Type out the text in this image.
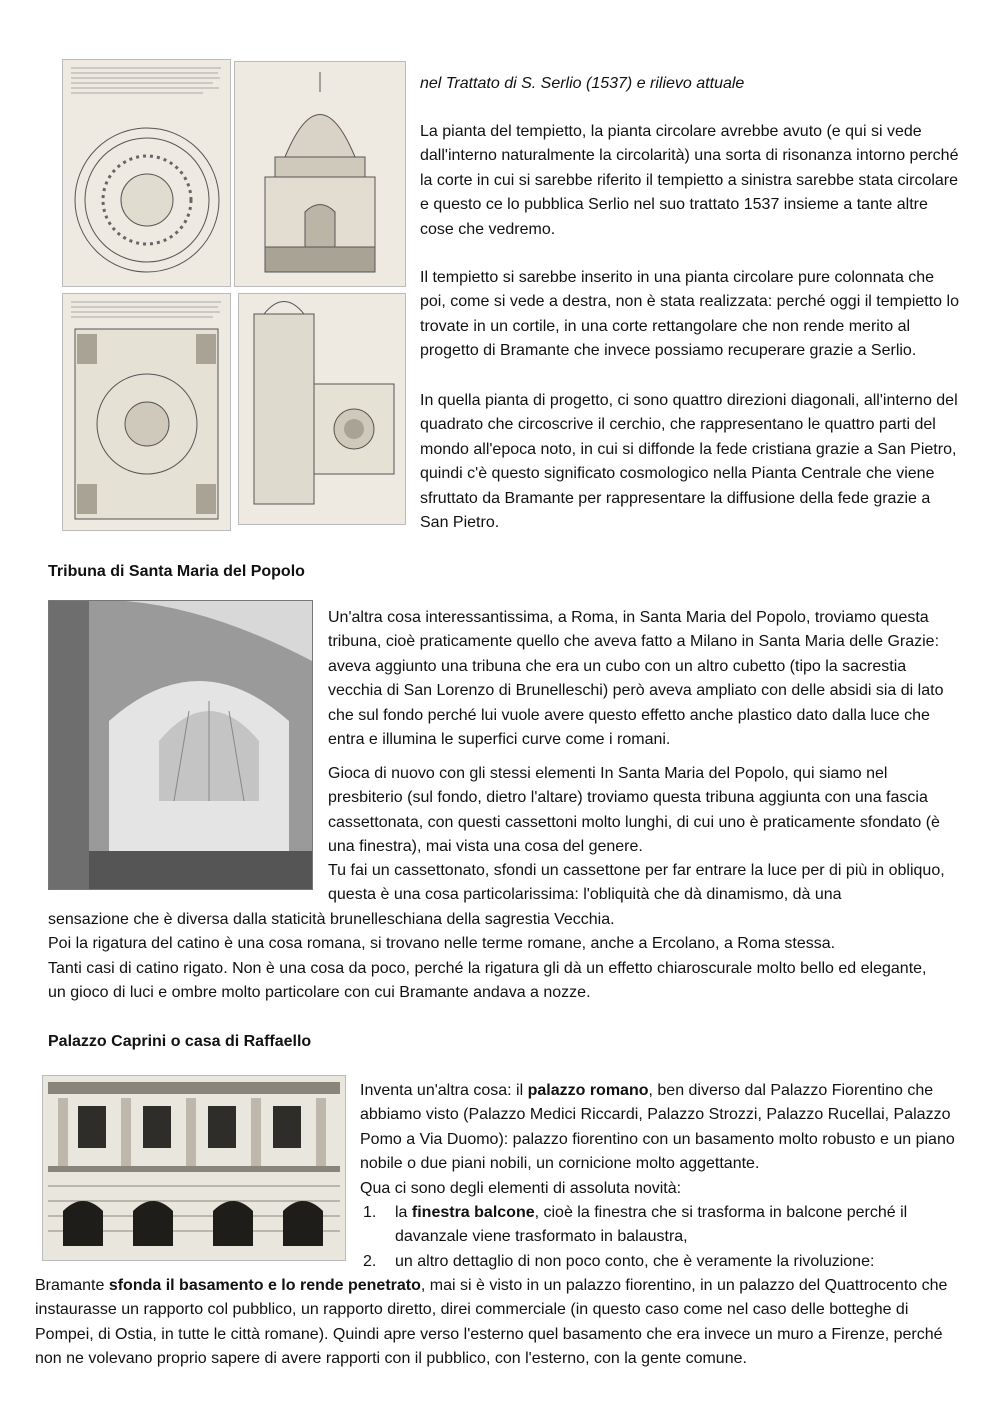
nel Trattato di S. Serlio (1537) e rilievo attuale

La pianta del tempietto, la pianta circolare avrebbe avuto (e qui si vede dall'interno naturalmente la circolarità) una sorta di risonanza intorno perché la corte in cui si sarebbe riferito il tempietto a sinistra sarebbe stata circolare e questo ce lo pubblica Serlio nel suo trattato 1537 insieme a tante altre cose che vedremo.

Il tempietto si sarebbe inserito in una pianta circolare pure colonnata che poi, come si vede a destra, non è stata realizzata: perché oggi il tempietto lo trovate in un cortile, in una corte rettangolare che non rende merito al progetto di Bramante che invece possiamo recuperare grazie a Serlio.

In quella pianta di progetto, ci sono quattro direzioni diagonali, all'interno del quadrato che circoscrive il cerchio, che rappresentano le quattro parti del mondo all'epoca noto, in cui si diffonde la fede cristiana grazie a San Pietro, quindi c'è questo significato cosmologico nella Pianta Centrale che viene sfruttato da Bramante per rappresentare la diffusione della fede grazie a San Pietro.

Tribuna di Santa Maria del Popolo

Un'altra cosa interessantissima, a Roma, in Santa Maria del Popolo, troviamo questa tribuna, cioè praticamente quello che aveva fatto a Milano in Santa Maria delle Grazie: aveva aggiunto una tribuna che era un cubo con un altro cubetto (tipo la sacrestia vecchia di San Lorenzo di Brunelleschi) però aveva ampliato con delle absidi sia di lato che sul fondo perché lui vuole avere questo effetto anche plastico dato dalla luce che entra e illumina le superfici curve come i romani.

Gioca di nuovo con gli stessi elementi In Santa Maria del Popolo, qui siamo nel presbiterio (sul fondo, dietro l'altare) troviamo questa tribuna aggiunta con una fascia cassettonata, con questi cassettoni molto lunghi, di cui uno è praticamente sfondato (è una finestra), mai vista una cosa del genere.

Tu fai un cassettonato, sfondi un cassettone per far entrare la luce per di più in obliquo, questa è una cosa particolarissima: l'obliquità che dà dinamismo, dà una

sensazione che è diversa dalla staticità brunelleschiana della sagrestia Vecchia.

Poi la rigatura del catino è una cosa romana, si trovano nelle terme romane, anche a Ercolano, a Roma stessa.

Tanti casi di catino rigato. Non è una cosa da poco, perché la rigatura gli dà un effetto chiaroscurale molto bello ed elegante, un gioco di luci e ombre molto particolare con cui Bramante andava a nozze.

Palazzo Caprini o casa di Raffaello

Inventa un'altra cosa: il palazzo romano, ben diverso dal Palazzo Fiorentino che abbiamo visto (Palazzo Medici Riccardi, Palazzo Strozzi, Palazzo Rucellai, Palazzo Pomo a Via Duomo): palazzo fiorentino con un basamento molto robusto e un piano nobile o due piani nobili, un cornicione molto aggettante.

Qua ci sono degli elementi di assoluta novità:

1. la finestra balcone, cioè la finestra che si trasforma in balcone perché il davanzale viene trasformato in balaustra,
2. un altro dettaglio di non poco conto, che è veramente la rivoluzione:

Bramante sfonda il basamento e lo rende penetrato, mai si è visto in un palazzo fiorentino, in un palazzo del Quattrocento che instaurasse un rapporto col pubblico, un rapporto diretto, direi commerciale (in questo caso come nel caso delle botteghe di Pompei, di Ostia, in tutte le città romane). Quindi apre verso l'esterno quel basamento che era invece un muro a Firenze, perché non ne volevano proprio sapere di avere rapporti con il pubblico, con l'esterno, con la gente comune.
